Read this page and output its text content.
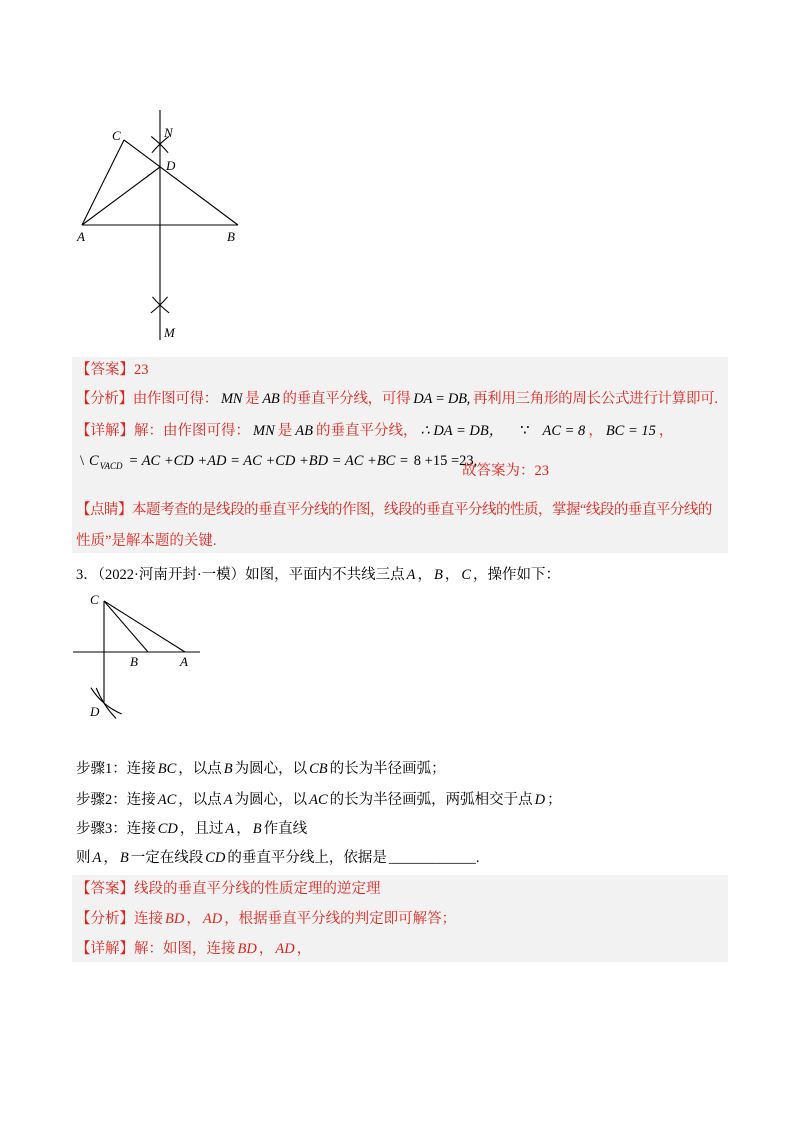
C	N
D
A	B
M
【答案】 23
【分析】由作图可得： MN 是 AB 的垂直平分线，可得 DA = DB, 再利用三角形的周长公式进行计算即可.
【详解】解：由作图可得： MN 是 AB 的垂直平分线， ∴ DA = DB， ∵ AC = 8 ， BC = 15 ，
\ $C_{VACD}$ = AC +CD +AD = AC +CD +BD = AC +BC = 8 +15 =23,
故答案为：23
【点睛】本题考查的是线段的垂直平分线的作图，线段的垂直平分线的性质，掌握“线段的垂直平分线的
性质”是解本题的关键.
3．（2022·河南开封·一模）如图，平面内不共线三点 A ， B ， C ，操作如下：
C
B	A
D
步骤1：连接 BC ，以点 B 为圆心，以 CB 的长为半径画弧；
步骤2：连接 AC ，以点 A 为圆心，以 AC 的长为半径画弧，两弧相交于点 D ；
步骤3：连接 CD ，且过 A ， B 作直线
则 A ， B 一定在线段 CD 的垂直平分线上，依据是 ____________ .
【答案】线段的垂直平分线的性质定理的逆定理
【分析】连接 BD ， AD ，根据垂直平分线的判定即可解答；
【详解】解：如图，连接 BD ， AD ，
